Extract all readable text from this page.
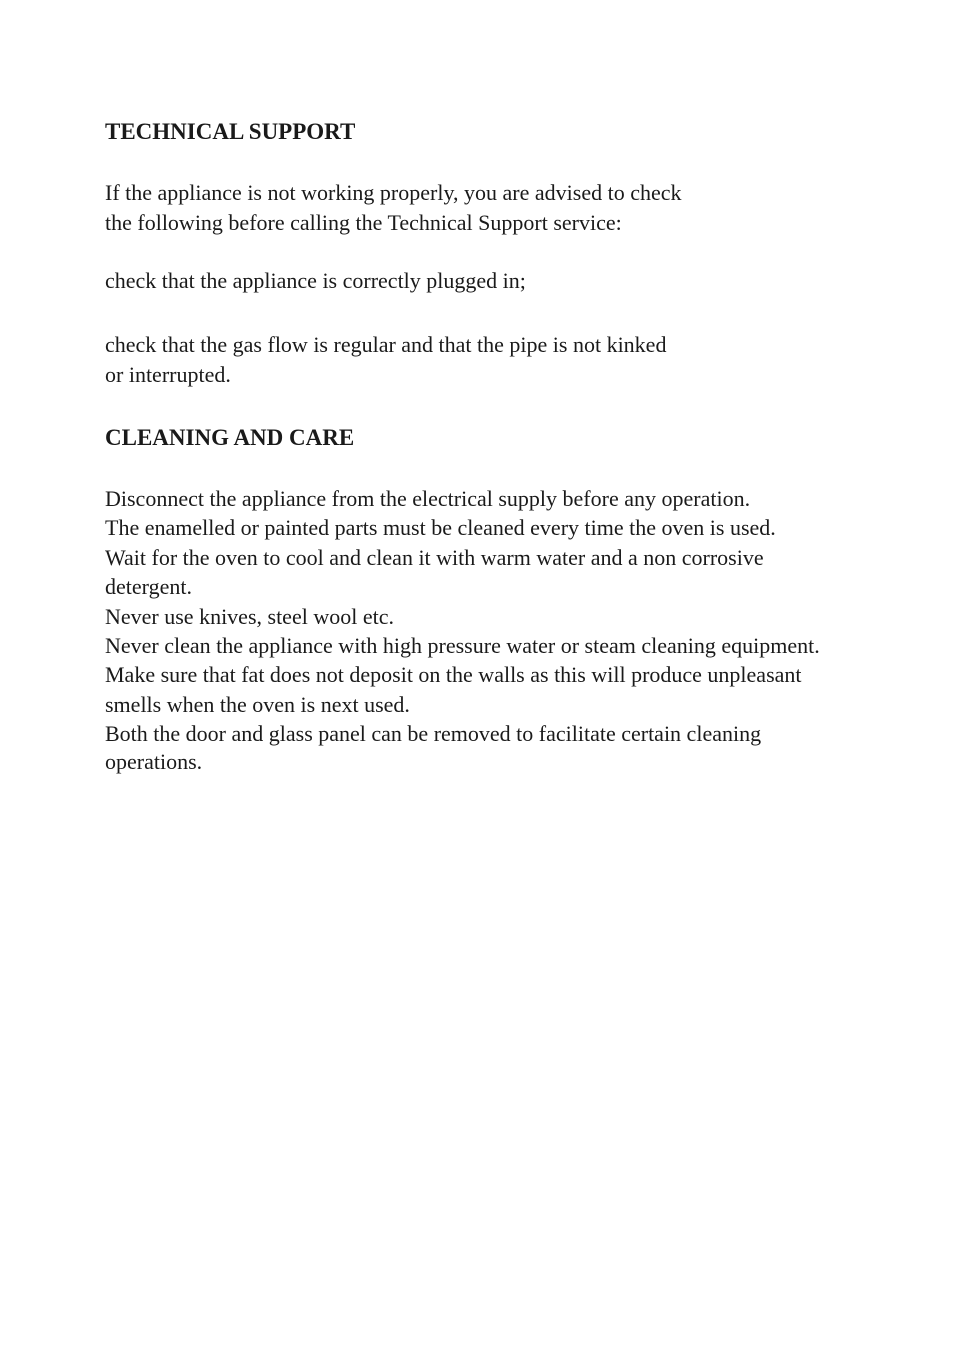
TECHNICAL SUPPORT
If the appliance is not working properly, you are advised to check
the following before calling the Technical Support service:
check that the appliance is correctly plugged in;
check that the gas flow is regular and that the pipe is not kinked
or interrupted.
CLEANING AND CARE
Disconnect the appliance from the electrical supply before any operation.
The enamelled or painted parts must be cleaned every time the oven is used.
Wait for the oven to cool and clean it with warm water and a non corrosive
detergent.
Never use knives, steel wool etc.
Never clean the appliance with high pressure water or steam cleaning equipment.
Make sure that fat does not deposit on the walls as this will produce unpleasant
smells when the oven is next used.
Both the door and glass panel can be removed to facilitate certain cleaning
operations.
